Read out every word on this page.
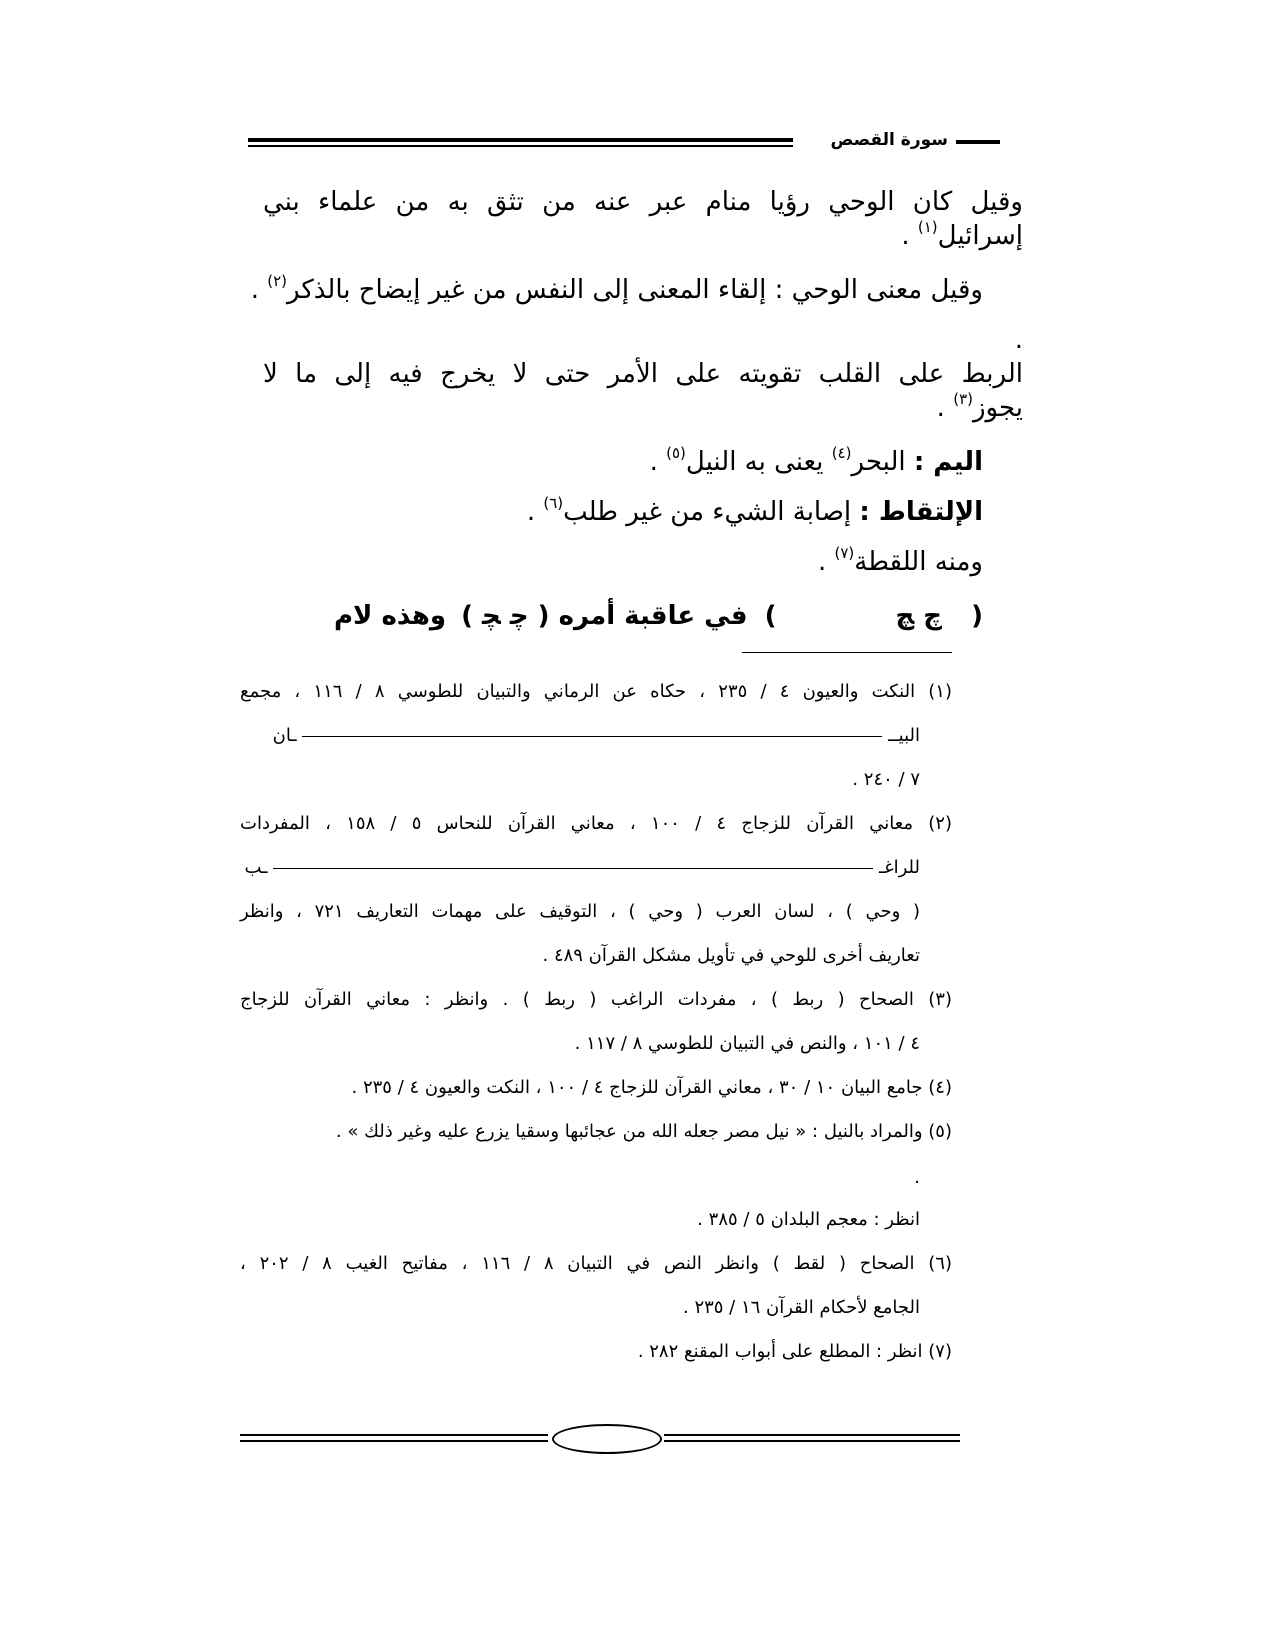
سورة القصص
وقيل كان الوحي رؤيا منام عبر عنه من تثق به من علماء بني
إسرائيل$^{(١)}$ .
وقيل معنى الوحي : إلقاء المعنى إلى النفس من غير إيضاح بالذكر$^{(٢)}$ .
.
الربط على القلب تقويته على الأمر حتى لا يخرج فيه إلى ما لا
يجوز$^{(٣)}$ .
اليم : البحر$^{(٤)}$ يعنى به النيل$^{(٥)}$ .
الإلتقاط : إصابة الشيء من غير طلب$^{(٦)}$ .
ومنه اللقطة$^{(٧)}$ .
( ﭺ ﭻ ) في عاقبة أمره ( ﭼ ﭽ ) وهذه لام
(١) النكت والعيون ٤ / ٢٣٥ ، حكاه عن الرماني والتبيان للطوسي ٨ / ١١٦ ، مجمع
البيــ  ـان
٧ / ٢٤٠ .
(٢) معاني القرآن للزجاج ٤ / ١٠٠ ، معاني القرآن للنحاس ٥ / ١٥٨ ، المفردات
للراغـ  ـب
( وحي ) ، لسان العرب ( وحي ) ، التوقيف على مهمات التعاريف ٧٢١ ، وانظر
تعاريف أخرى للوحي في تأويل مشكل القرآن ٤٨٩ .
(٣) الصحاح ( ربط ) ، مفردات الراغب ( ربط ) . وانظر : معاني القرآن للزجاج
٤ / ١٠١ ، والنص في التبيان للطوسي ٨ / ١١٧ .
(٤) جامع البيان ١٠ / ٣٠ ، معاني القرآن للزجاج ٤ / ١٠٠ ، النكت والعيون ٤ / ٢٣٥ .
(٥) والمراد بالنيل : « نيل مصر جعله الله من عجائبها وسقيا يزرع عليه وغير ذلك » .
.
انظر : معجم البلدان ٥ / ٣٨٥ .
(٦) الصحاح ( لقط ) وانظر النص في التبيان ٨ / ١١٦ ، مفاتيح الغيب ٨ / ٢٠٢ ،
الجامع لأحكام القرآن ١٦ / ٢٣٥ .
(٧) انظر : المطلع على أبواب المقنع ٢٨٢ .
